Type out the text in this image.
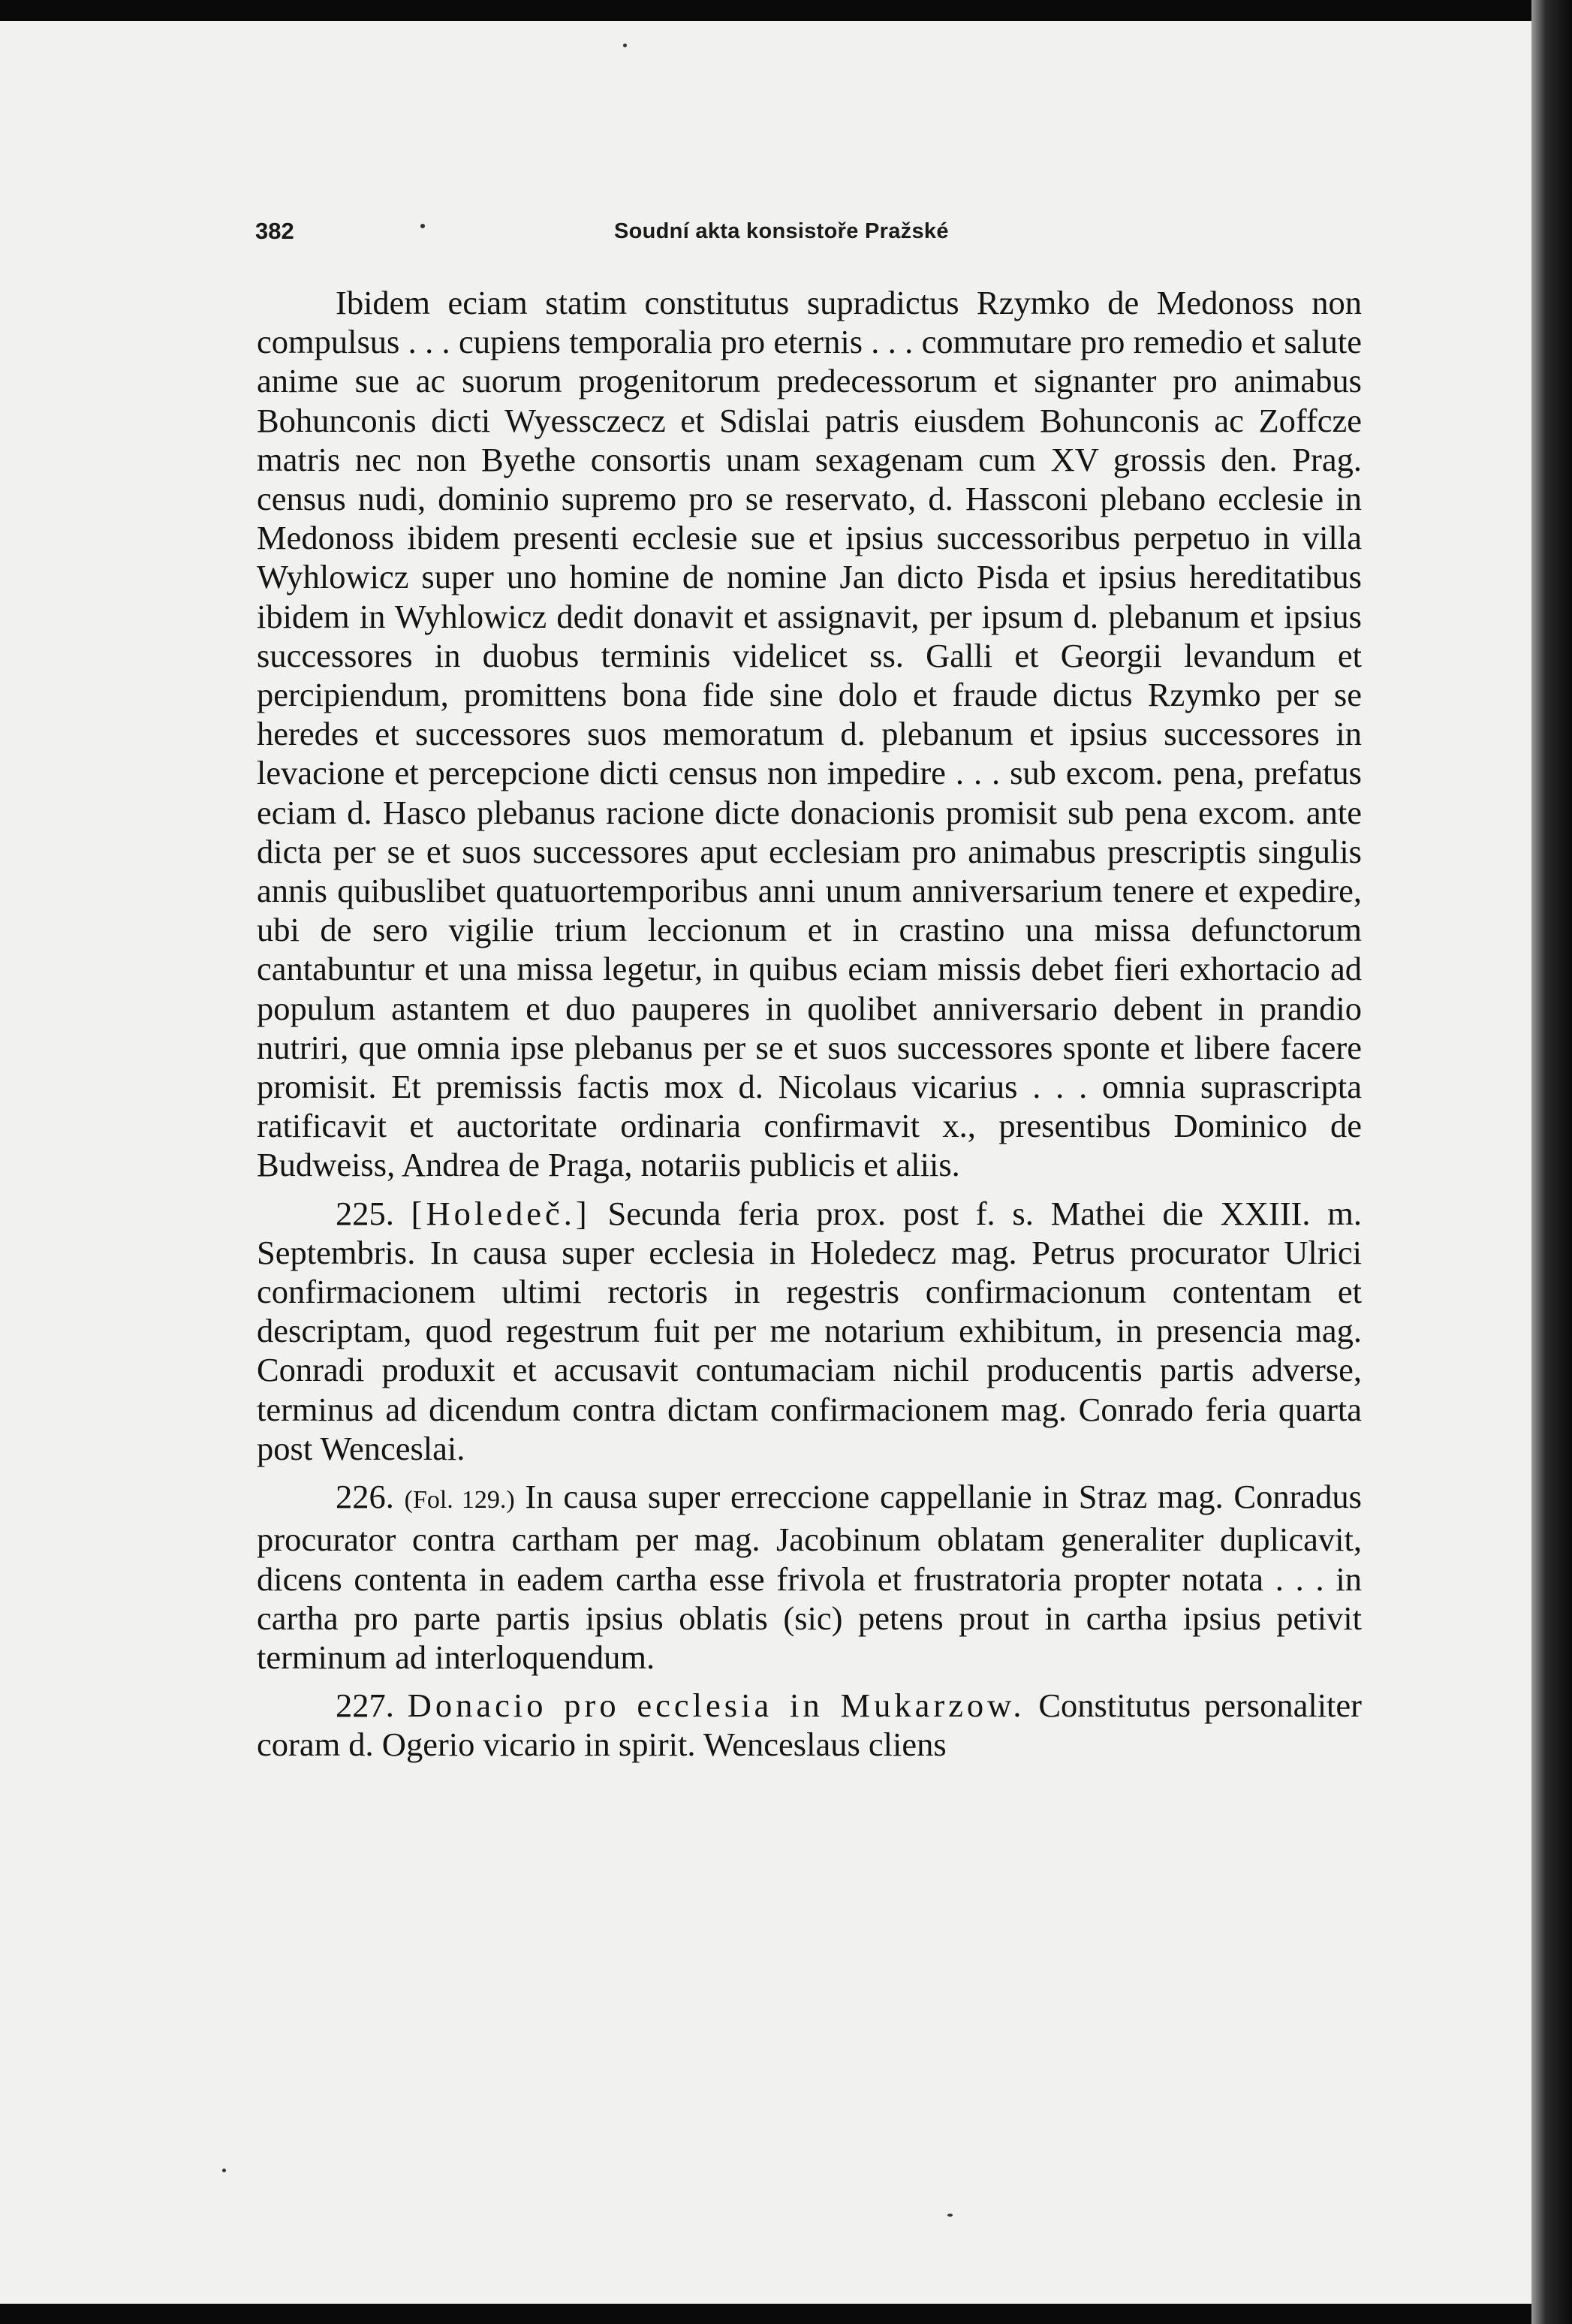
382	Soudní akta konsistoře Pražské

Ibidem eciam statim constitutus supradictus Rzymko de Medonoss non compulsus . . . cupiens temporalia pro eternis . . . commutare pro remedio et salute anime sue ac suorum progenitorum predecessorum et signanter pro animabus Bohunconis dicti Wyessczecz et Sdislai patris eiusdem Bohunconis ac Zoffcze matris nec non Byethe consortis unam sexagenam cum XV grossis den. Prag. census nudi, dominio supremo pro se reservato, d. Hassconi plebano ecclesie in Medonoss ibidem presenti ecclesie sue et ipsius successoribus perpetuo in villa Wyhlowicz super uno homine de nomine Jan dicto Pisda et ipsius hereditatibus ibidem in Wyhlowicz dedit donavit et assignavit, per ipsum d. plebanum et ipsius successores in duobus terminis videlicet ss. Galli et Georgii levandum et percipiendum, promittens bona fide sine dolo et fraude dictus Rzymko per se heredes et successores suos memoratum d. plebanum et ipsius successores in levacione et percepcione dicti census non impedire . . . sub excom. pena, prefatus eciam d. Hasco plebanus racione dicte donacionis promisit sub pena excom. ante dicta per se et suos successores aput ecclesiam pro animabus prescriptis singulis annis quibuslibet quatuortemporibus anni unum anniversarium tenere et expedire, ubi de sero vigilie trium leccionum et in crastino una missa defunctorum cantabuntur et una missa legetur, in quibus eciam missis debet fieri exhortacio ad populum astantem et duo pauperes in quolibet anniversario debent in prandio nutriri, que omnia ipse plebanus per se et suos successores sponte et libere facere promisit. Et premissis factis mox d. Nicolaus vicarius . . . omnia suprascripta ratificavit et auctoritate ordinaria confirmavit x., presentibus Dominico de Budweiss, Andrea de Praga, notariis publicis et aliis.

225. [Holedeč.] Secunda feria prox. post f. s. Mathei die XXIII. m. Septembris. In causa super ecclesia in Holedecz mag. Petrus procurator Ulrici confirmacionem ultimi rectoris in regestris confirmacionum contentam et descriptam, quod regestrum fuit per me notarium exhibitum, in presencia mag. Conradi produxit et accusavit contumaciam nichil producentis partis adverse, terminus ad dicendum contra dictam confirmacionem mag. Conrado feria quarta post Wenceslai.

226. (Fol. 129.) In causa super erreccione cappellanie in Straz mag. Conradus procurator contra cartham per mag. Jacobinum oblatam generaliter duplicavit, dicens contenta in eadem cartha esse frivola et frustratoria propter notata . . . in cartha pro parte partis ipsius oblatis (sic) petens prout in cartha ipsius petivit terminum ad interloquendum.

227. Donacio pro ecclesia in Mukarzow. Constitutus personaliter coram d. Ogerio vicario in spirit. Wenceslaus cliens
